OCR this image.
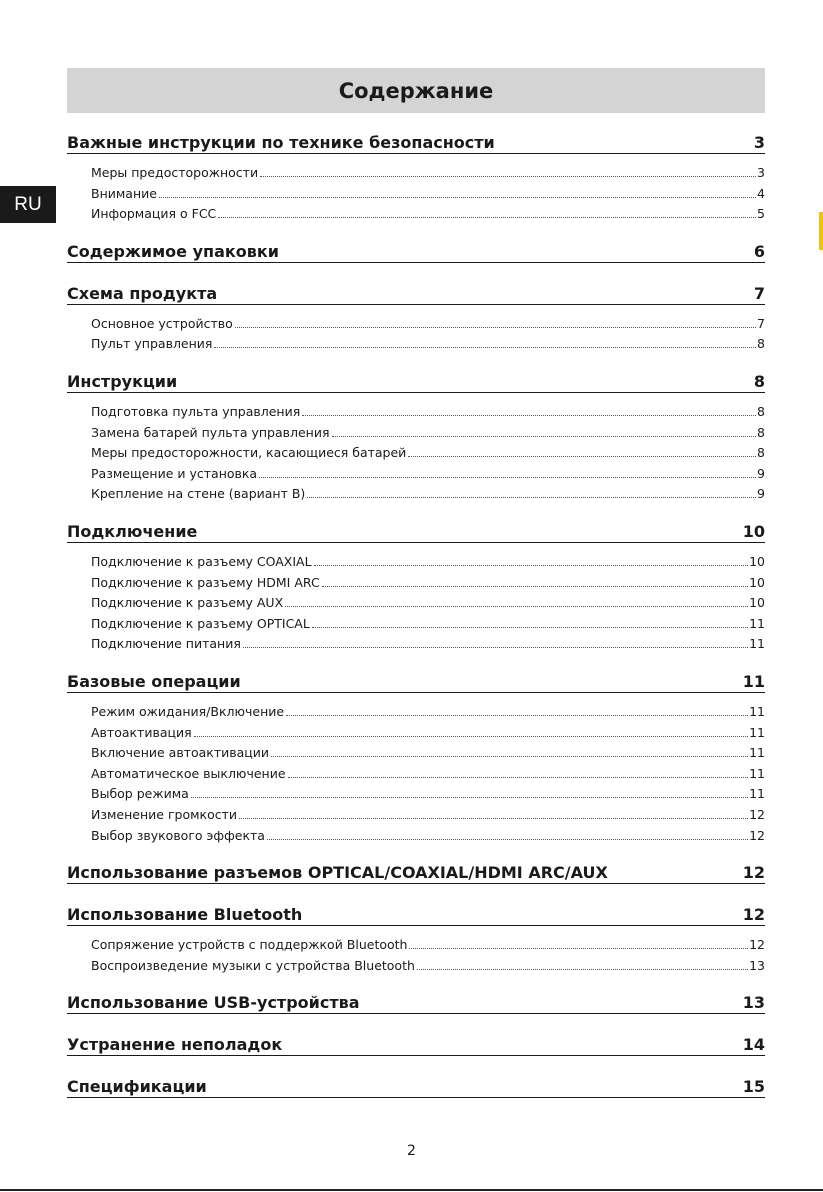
Содержание
RU
Важные инструкции по технике безопасности	3
Меры предосторожности	3
Внимание	4
Информация о FCC	5
Содержимое упаковки	6
Схема продукта	7
Основное устройство	7
Пульт управления	8
Инструкции	8
Подготовка пульта управления	8
Замена батарей пульта управления	8
Меры предосторожности, касающиеся батарей	8
Размещение и установка	9
Крепление на стене (вариант B)	9
Подключение	10
Подключение к разъему COAXIAL	10
Подключение к разъему HDMI ARC	10
Подключение к разъему AUX	10
Подключение к разъему OPTICAL	11
Подключение питания	11
Базовые операции	11
Режим ожидания/Включение	11
Автоактивация	11
Включение автоактивации	11
Автоматическое выключение	11
Выбор режима	11
Изменение громкости	12
Выбор звукового эффекта	12
Использование разъемов OPTICAL/COAXIAL/HDMI ARC/AUX	12
Использование Bluetooth	12
Сопряжение устройств с поддержкой Bluetooth	12
Воспроизведение музыки с устройства Bluetooth	13
Использование USB-устройства	13
Устранение неполадок	14
Спецификации	15
2
